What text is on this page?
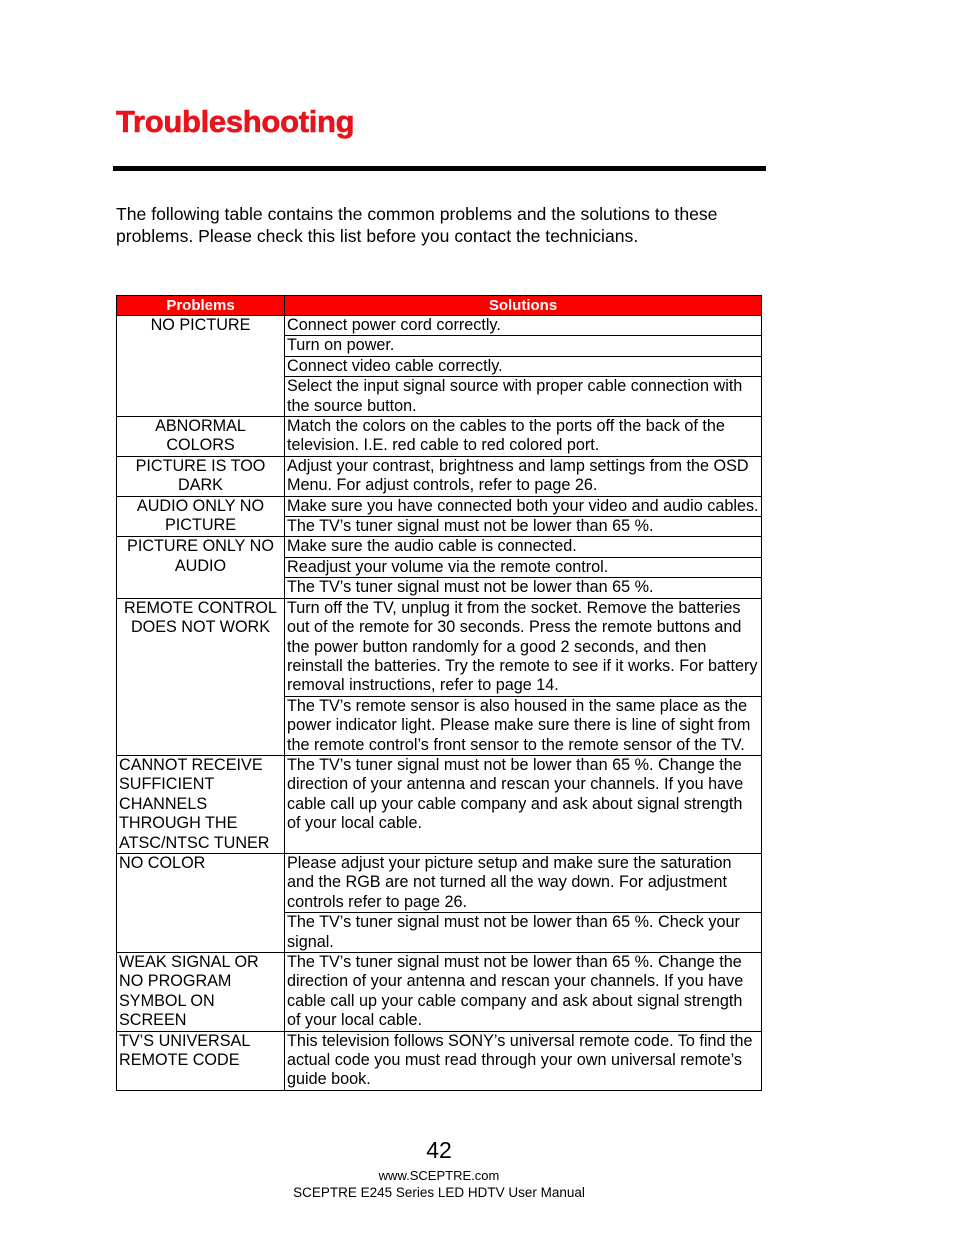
Troubleshooting

The following table contains the common problems and the solutions to these problems. Please check this list before you contact the technicians.

Problems	Solutions
NO PICTURE	Connect power cord correctly.
	Turn on power.
	Connect video cable correctly.
	Select the input signal source with proper cable connection with the source button.
ABNORMAL COLORS	Match the colors on the cables to the ports off the back of the television. I.E. red cable to red colored port.
PICTURE IS TOO DARK	Adjust your contrast, brightness and lamp settings from the OSD Menu. For adjust controls, refer to page 26.
AUDIO ONLY NO PICTURE	Make sure you have connected both your video and audio cables.
	The TV’s tuner signal must not be lower than 65 %.
PICTURE ONLY NO AUDIO	Make sure the audio cable is connected.
	Readjust your volume via the remote control.
	The TV’s tuner signal must not be lower than 65 %.
REMOTE CONTROL DOES NOT WORK	Turn off the TV, unplug it from the socket. Remove the batteries out of the remote for 30 seconds. Press the remote buttons and the power button randomly for a good 2 seconds, and then reinstall the batteries. Try the remote to see if it works. For battery removal instructions, refer to page 14.
	The TV’s remote sensor is also housed in the same place as the power indicator light. Please make sure there is line of sight from the remote control’s front sensor to the remote sensor of the TV.
CANNOT RECEIVE SUFFICIENT CHANNELS THROUGH THE ATSC/NTSC TUNER	The TV’s tuner signal must not be lower than 65 %. Change the direction of your antenna and rescan your channels. If you have cable call up your cable company and ask about signal strength of your local cable.
NO COLOR	Please adjust your picture setup and make sure the saturation and the RGB are not turned all the way down. For adjustment controls refer to page 26.
	The TV’s tuner signal must not be lower than 65 %. Check your signal.
WEAK SIGNAL OR NO PROGRAM SYMBOL ON SCREEN	The TV’s tuner signal must not be lower than 65 %. Change the direction of your antenna and rescan your channels. If you have cable call up your cable company and ask about signal strength of your local cable.
TV’S UNIVERSAL REMOTE CODE	This television follows SONY’s universal remote code. To find the actual code you must read through your own universal remote’s guide book.
42
www.SCEPTRE.com
SCEPTRE E245 Series LED HDTV User Manual
